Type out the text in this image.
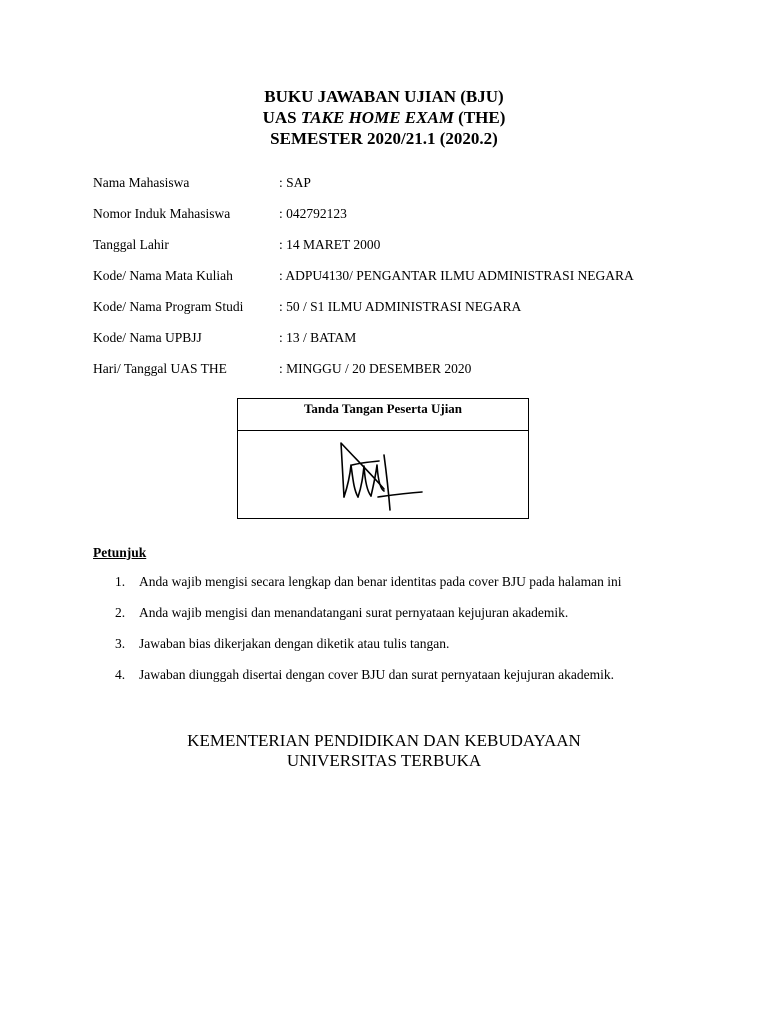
BUKU JAWABAN UJIAN (BJU)
UAS TAKE HOME EXAM (THE)
SEMESTER 2020/21.1 (2020.2)
Nama Mahasiswa	: SAP
Nomor Induk Mahasiswa	: 042792123
Tanggal Lahir	: 14 MARET 2000
Kode/ Nama Mata Kuliah	: ADPU4130/ PENGANTAR ILMU ADMINISTRASI NEGARA
Kode/ Nama Program Studi	: 50 / S1 ILMU ADMINISTRASI NEGARA
Kode/ Nama UPBJJ	: 13 / BATAM
Hari/ Tanggal UAS THE	: MINGGU / 20 DESEMBER 2020
Tanda Tangan Peserta Ujian
Petunjuk
1. Anda wajib mengisi secara lengkap dan benar identitas pada cover BJU pada halaman ini
2. Anda wajib mengisi dan menandatangani surat pernyataan kejujuran akademik.
3. Jawaban bias dikerjakan dengan diketik atau tulis tangan.
4. Jawaban diunggah disertai dengan cover BJU dan surat pernyataan kejujuran akademik.
KEMENTERIAN PENDIDIKAN DAN KEBUDAYAAN
UNIVERSITAS TERBUKA
